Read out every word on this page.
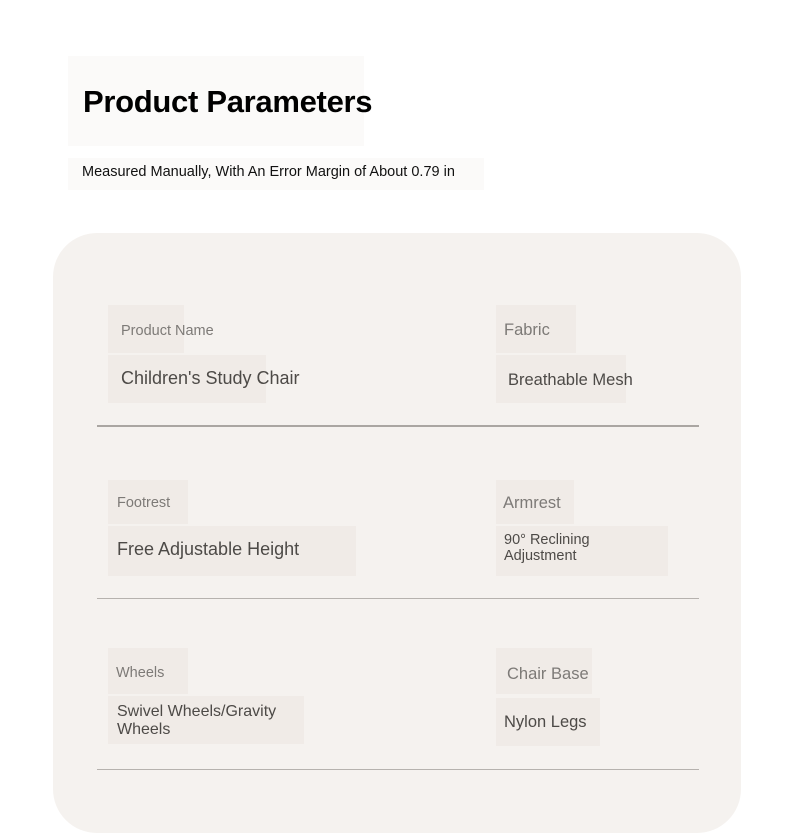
Product Parameters
Measured Manually, With An Error Margin of About 0.79 in
Product Name
Children's Study Chair
Fabric
Breathable Mesh
Footrest
Free Adjustable Height
Armrest
90° Reclining Adjustment
Wheels
Swivel Wheels/Gravity Wheels
Chair Base
Nylon Legs
